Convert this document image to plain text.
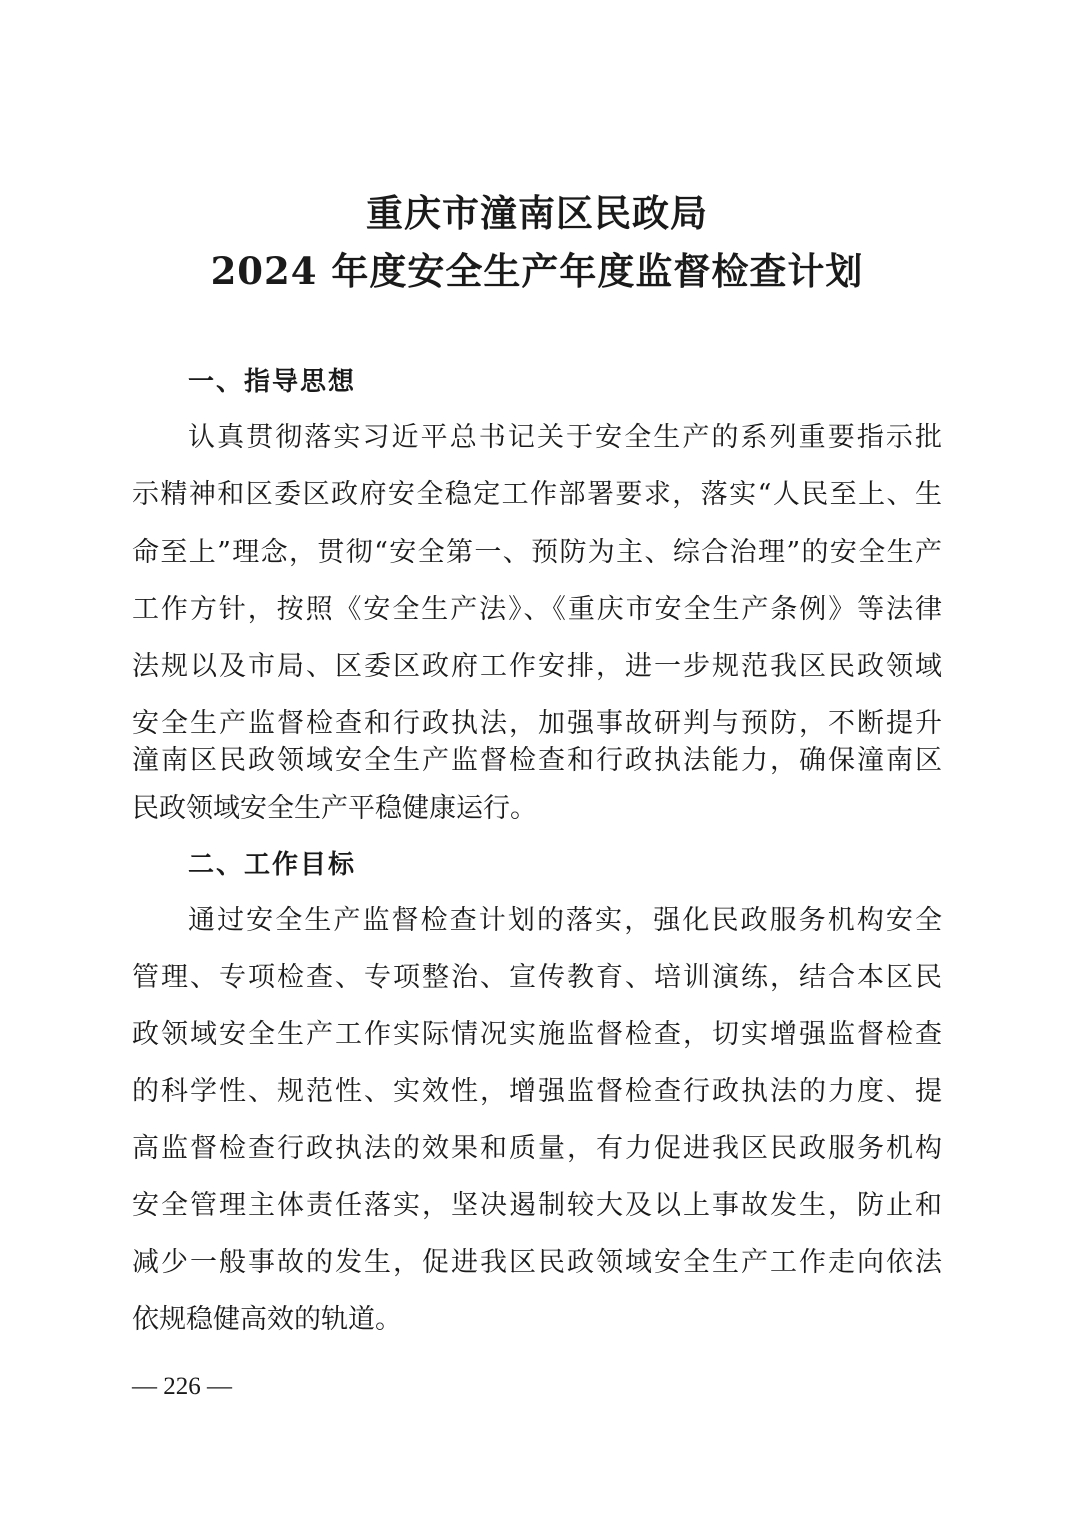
重庆市潼南区民政局
2024 年度安全生产年度监督检查计划
一、指导思想
认真贯彻落实习近平总书记关于安全生产的系列重要指示批
示精神和区委区政府安全稳定工作部署要求，落实“人民至上、生
命至上”理念，贯彻“安全第一、预防为主、综合治理”的安全生产
工作方针，按照《安全生产法》、《重庆市安全生产条例》等法律
法规以及市局、区委区政府工作安排，进一步规范我区民政领域
安全生产监督检查和行政执法，加强事故研判与预防，不断提升
潼南区民政领域安全生产监督检查和行政执法能力，确保潼南区
民政领域安全生产平稳健康运行。
二、工作目标
通过安全生产监督检查计划的落实，强化民政服务机构安全
管理、专项检查、专项整治、宣传教育、培训演练，结合本区民
政领域安全生产工作实际情况实施监督检查，切实增强监督检查
的科学性、规范性、实效性，增强监督检查行政执法的力度、提
高监督检查行政执法的效果和质量，有力促进我区民政服务机构
安全管理主体责任落实，坚决遏制较大及以上事故发生，防止和
减少一般事故的发生，促进我区民政领域安全生产工作走向依法
依规稳健高效的轨道。
— 226 —
